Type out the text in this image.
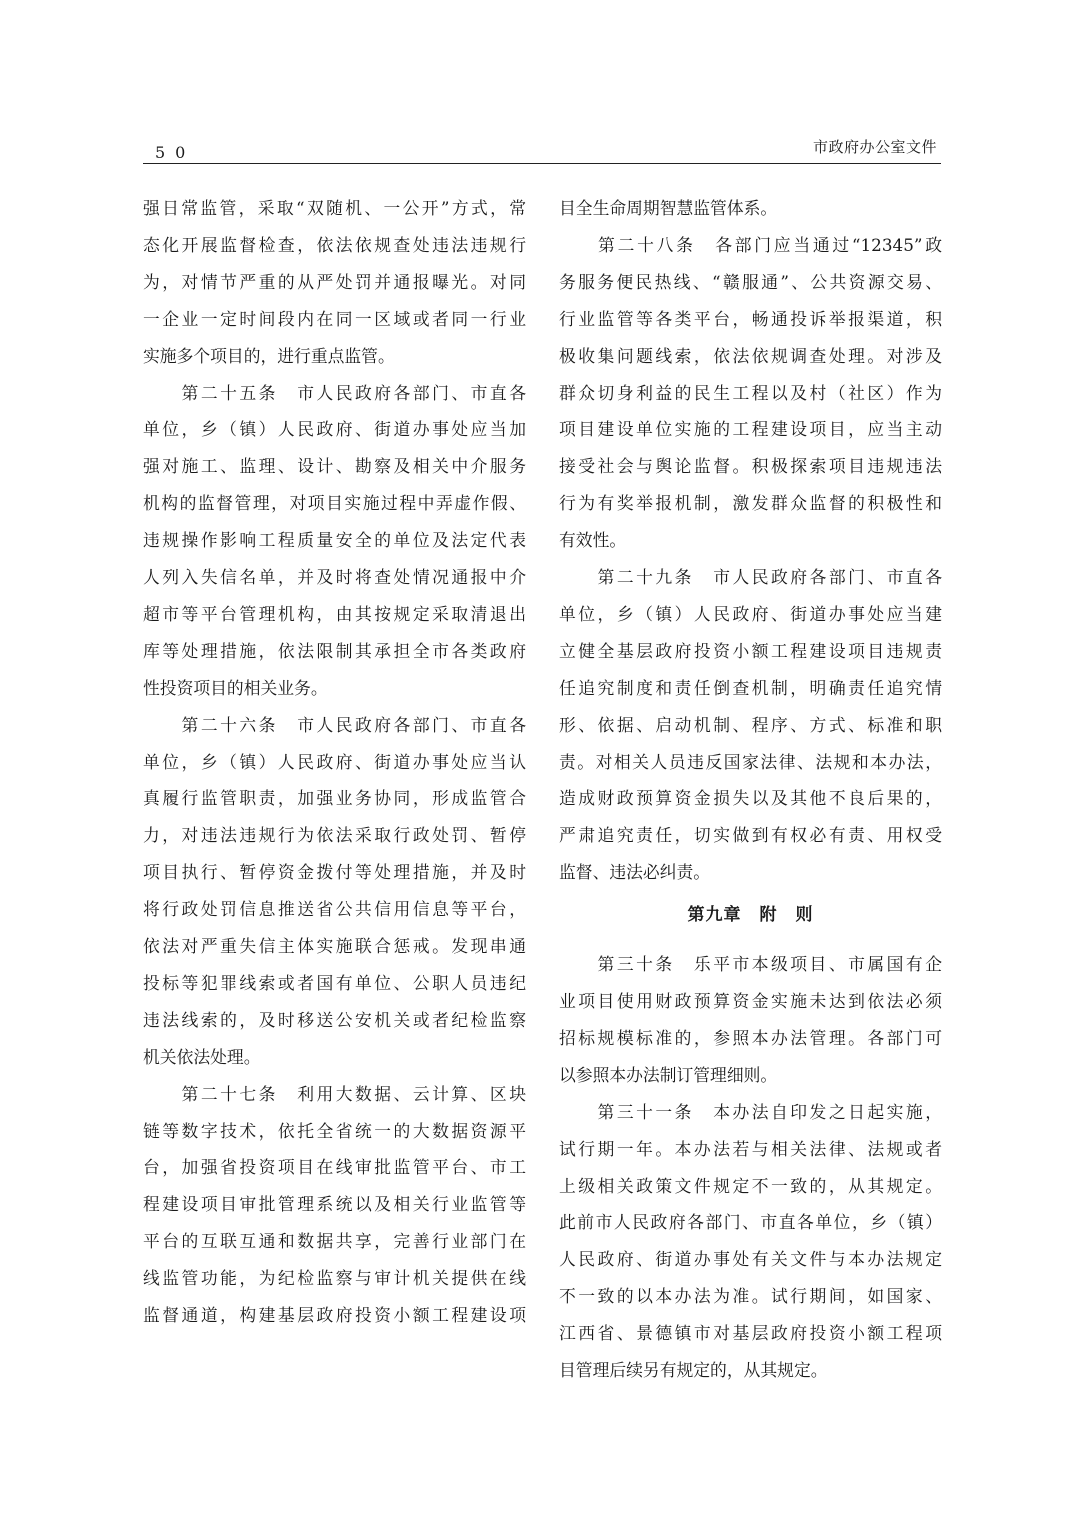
50	市政府办公室文件
强日常监管，采取“双随机、一公开”方式，常
态化开展监督检查，依法依规查处违法违规行
为，对情节严重的从严处罚并通报曝光。对同
一企业一定时间段内在同一区域或者同一行业
实施多个项目的，进行重点监管。
　　第二十五条　市人民政府各部门、市直各
单位，乡（镇）人民政府、街道办事处应当加
强对施工、监理、设计、勘察及相关中介服务
机构的监督管理，对项目实施过程中弄虚作假、
违规操作影响工程质量安全的单位及法定代表
人列入失信名单，并及时将查处情况通报中介
超市等平台管理机构，由其按规定采取清退出
库等处理措施，依法限制其承担全市各类政府
性投资项目的相关业务。
　　第二十六条　市人民政府各部门、市直各
单位，乡（镇）人民政府、街道办事处应当认
真履行监管职责，加强业务协同，形成监管合
力，对违法违规行为依法采取行政处罚、暂停
项目执行、暂停资金拨付等处理措施，并及时
将行政处罚信息推送省公共信用信息等平台，
依法对严重失信主体实施联合惩戒。发现串通
投标等犯罪线索或者国有单位、公职人员违纪
违法线索的，及时移送公安机关或者纪检监察
机关依法处理。
　　第二十七条　利用大数据、云计算、区块
链等数字技术，依托全省统一的大数据资源平
台，加强省投资项目在线审批监管平台、市工
程建设项目审批管理系统以及相关行业监管等
平台的互联互通和数据共享，完善行业部门在
线监管功能，为纪检监察与审计机关提供在线
监督通道，构建基层政府投资小额工程建设项
目全生命周期智慧监管体系。
　　第二十八条　各部门应当通过“12345”政
务服务便民热线、“赣服通”、公共资源交易、
行业监管等各类平台，畅通投诉举报渠道，积
极收集问题线索，依法依规调查处理。对涉及
群众切身利益的民生工程以及村（社区）作为
项目建设单位实施的工程建设项目，应当主动
接受社会与舆论监督。积极探索项目违规违法
行为有奖举报机制，激发群众监督的积极性和
有效性。
　　第二十九条　市人民政府各部门、市直各
单位，乡（镇）人民政府、街道办事处应当建
立健全基层政府投资小额工程建设项目违规责
任追究制度和责任倒查机制，明确责任追究情
形、依据、启动机制、程序、方式、标准和职
责。对相关人员违反国家法律、法规和本办法，
造成财政预算资金损失以及其他不良后果的，
严肃追究责任，切实做到有权必有责、用权受
监督、违法必纠责。
第九章　附　则
　　第三十条　乐平市本级项目、市属国有企
业项目使用财政预算资金实施未达到依法必须
招标规模标准的，参照本办法管理。各部门可
以参照本办法制订管理细则。
　　第三十一条　本办法自印发之日起实施，
试行期一年。本办法若与相关法律、法规或者
上级相关政策文件规定不一致的，从其规定。
此前市人民政府各部门、市直各单位，乡（镇）
人民政府、街道办事处有关文件与本办法规定
不一致的以本办法为准。试行期间，如国家、
江西省、景德镇市对基层政府投资小额工程项
目管理后续另有规定的，从其规定。
